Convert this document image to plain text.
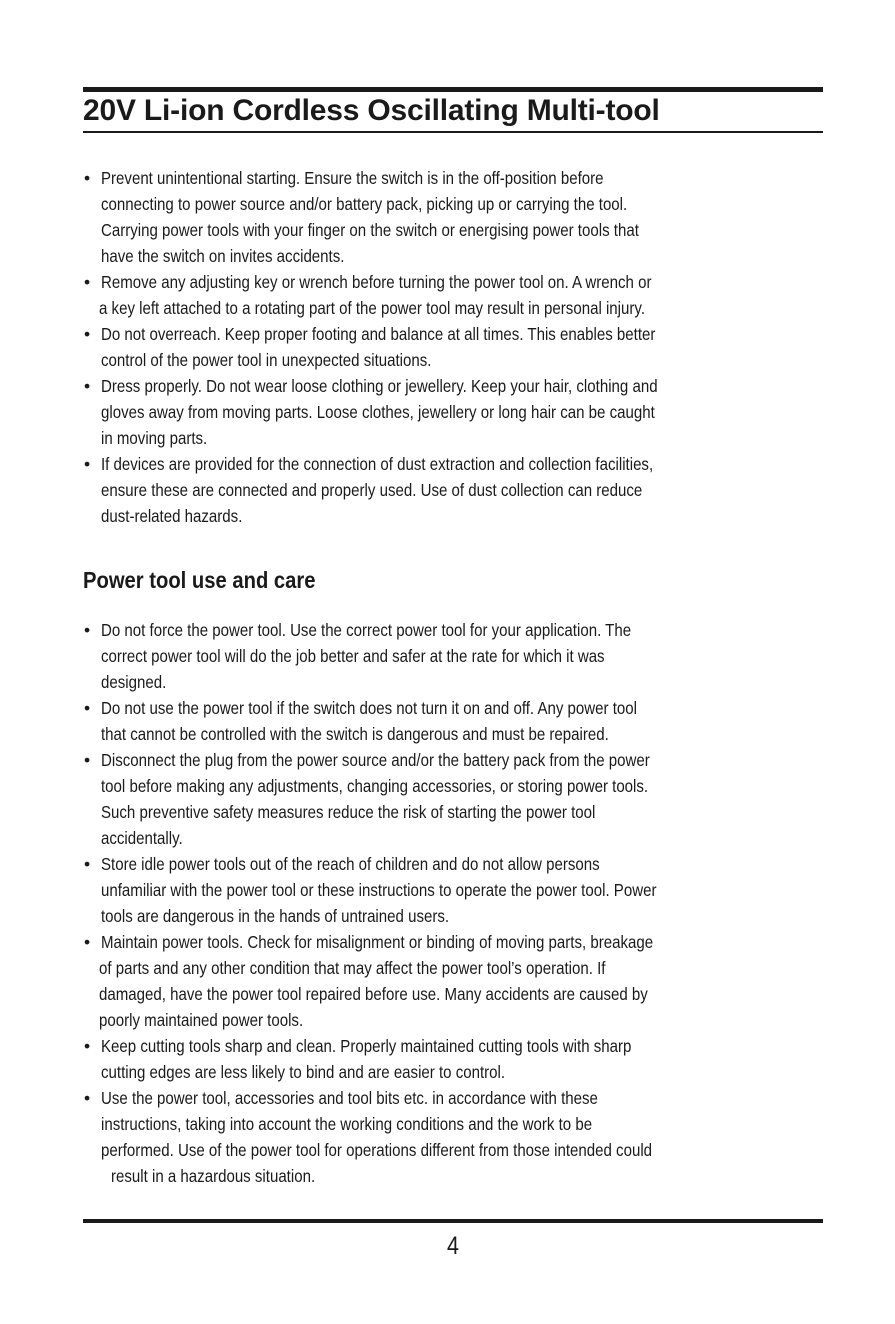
20V Li-ion Cordless Oscillating Multi-tool
• Prevent unintentional starting. Ensure the switch is in the off-position before
connecting to power source and/or battery pack, picking up or carrying the tool.
Carrying power tools with your finger on the switch or energising power tools that
have the switch on invites accidents.
• Remove any adjusting key or wrench before turning the power tool on. A wrench or
a key left attached to a rotating part of the power tool may result in personal injury.
• Do not overreach. Keep proper footing and balance at all times. This enables better
control of the power tool in unexpected situations.
• Dress properly. Do not wear loose clothing or jewellery. Keep your hair, clothing and
gloves away from moving parts. Loose clothes, jewellery or long hair can be caught
in moving parts.
• If devices are provided for the connection of dust extraction and collection facilities,
ensure these are connected and properly used. Use of dust collection can reduce
dust-related hazards.
Power tool use and care
• Do not force the power tool. Use the correct power tool for your application. The
correct power tool will do the job better and safer at the rate for which it was
designed.
• Do not use the power tool if the switch does not turn it on and off. Any power tool
that cannot be controlled with the switch is dangerous and must be repaired.
• Disconnect the plug from the power source and/or the battery pack from the power
tool before making any adjustments, changing accessories, or storing power tools.
Such preventive safety measures reduce the risk of starting the power tool
accidentally.
• Store idle power tools out of the reach of children and do not allow persons
unfamiliar with the power tool or these instructions to operate the power tool. Power
tools are dangerous in the hands of untrained users.
• Maintain power tools. Check for misalignment or binding of moving parts, breakage
of parts and any other condition that may affect the power tool’s operation. If
damaged, have the power tool repaired before use. Many accidents are caused by
poorly maintained power tools.
• Keep cutting tools sharp and clean. Properly maintained cutting tools with sharp
cutting edges are less likely to bind and are easier to control.
• Use the power tool, accessories and tool bits etc. in accordance with these
instructions, taking into account the working conditions and the work to be
performed. Use of the power tool for operations different from those intended could
result in a hazardous situation.
4
